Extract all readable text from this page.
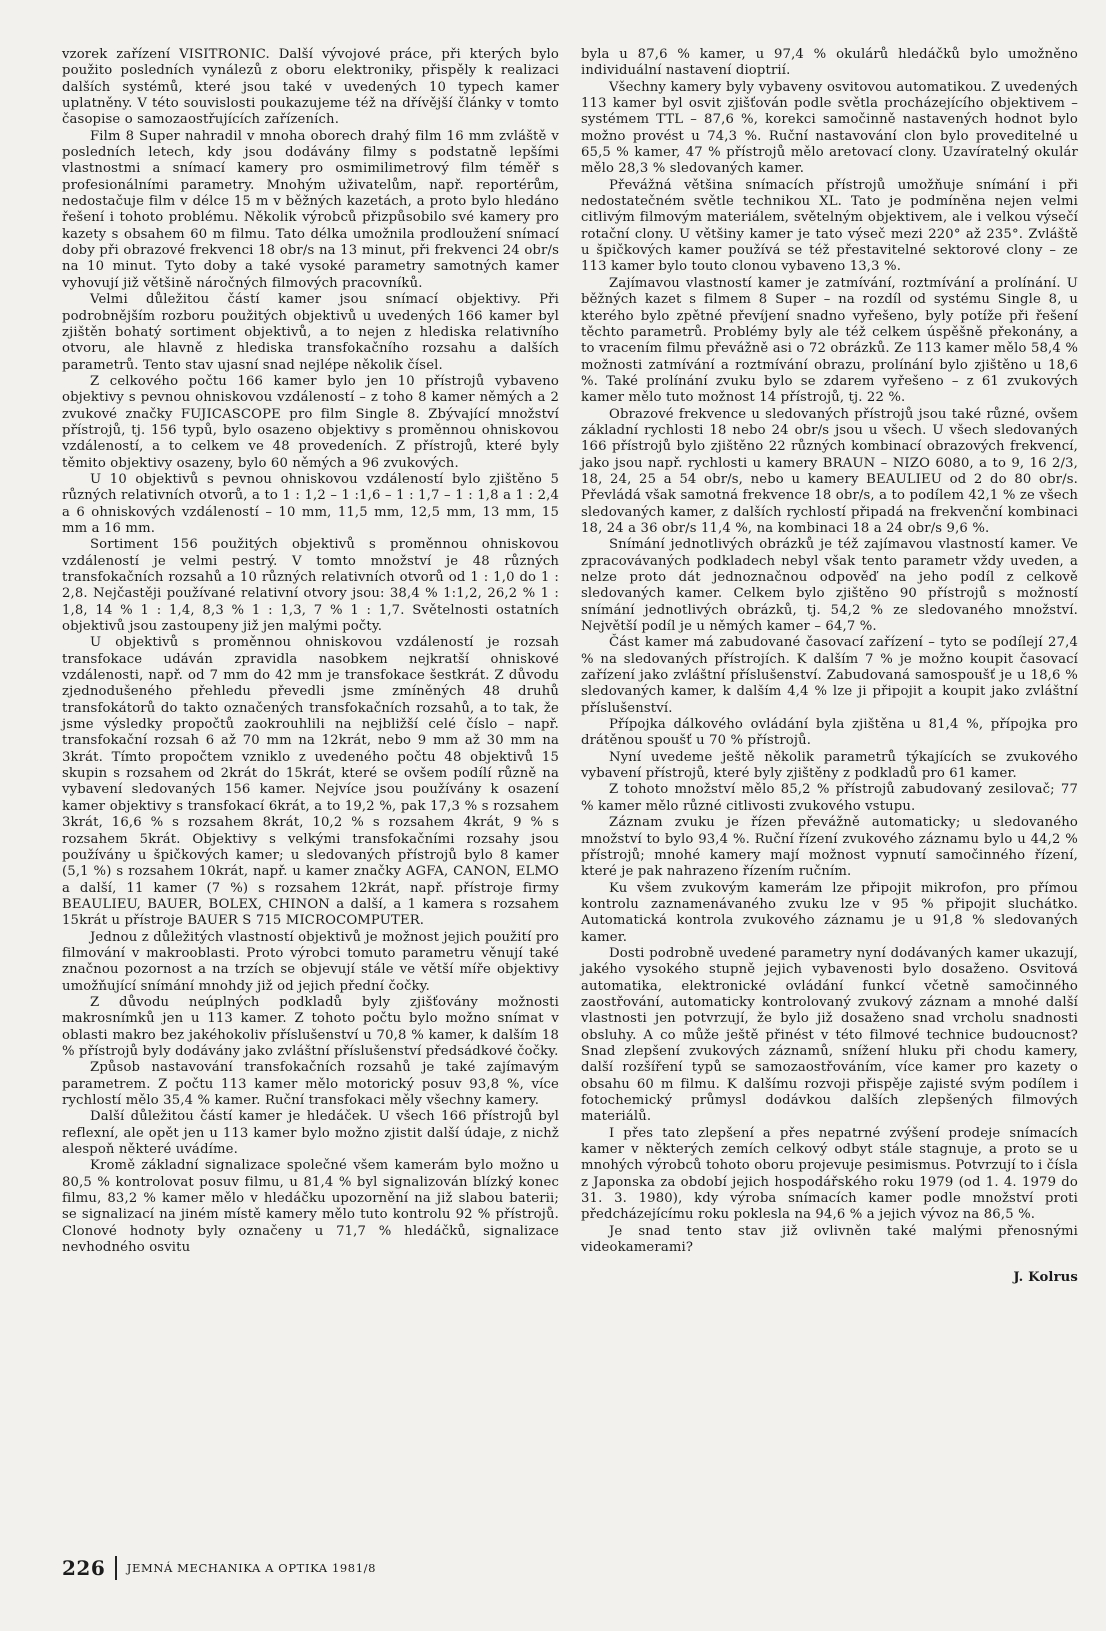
vzorek zařízení VISITRONIC. Další vývojové práce, při kterých bylo použito posledních vynálezů z oboru elektroniky, přispěly k realizaci dalších systémů, které jsou také v uvedených 10 typech kamer uplatněny. V této souvislosti poukazujeme též na dřívější články v tomto časopise o samozaostřujících zařízeních.

Film 8 Super nahradil v mnoha oborech drahý film 16 mm zvláště v posledních letech, kdy jsou dodávány filmy s podstatně lepšími vlastnostmi a snímací kamery pro osmimilimetrový film téměř s profesionálními parametry. Mnohým uživatelům, např. reportérům, nedostačuje film v délce 15 m v běžných kazetách, a proto bylo hledáno řešení i tohoto problému. Několik výrobců přizpůsobilo své kamery pro kazety s obsahem 60 m filmu. Tato délka umožnila prodloužení snímací doby při obrazové frekvenci 18 obr/s na 13 minut, při frekvenci 24 obr/s na 10 minut. Tyto doby a také vysoké parametry samotných kamer vyhovují již většině náročných filmových pracovníků.

Velmi důležitou částí kamer jsou snímací objektivy. Při podrobnějším rozboru použitých objektivů u uvedených 166 kamer byl zjištěn bohatý sortiment objektivů, a to nejen z hlediska relativního otvoru, ale hlavně z hlediska transfokačního rozsahu a dalších parametrů. Tento stav ujasní snad nejlépe několik čísel.

Z celkového počtu 166 kamer bylo jen 10 přístrojů vybaveno objektivy s pevnou ohniskovou vzdáleností – z toho 8 kamer němých a 2 zvukové značky FUJICASCOPE pro film Single 8. Zbývající množství přístrojů, tj. 156 typů, bylo osazeno objektivy s proměnnou ohniskovou vzdáleností, a to celkem ve 48 provedeních. Z přístrojů, které byly těmito objektivy osazeny, bylo 60 němých a 96 zvukových.

U 10 objektivů s pevnou ohniskovou vzdáleností bylo zjištěno 5 různých relativních otvorů, a to 1 : 1,2 – 1 :1,6 – 1 : 1,7 – 1 : 1,8 a 1 : 2,4 a 6 ohniskových vzdáleností – 10 mm, 11,5 mm, 12,5 mm, 13 mm, 15 mm a 16 mm.

Sortiment 156 použitých objektivů s proměnnou ohniskovou vzdáleností je velmi pestrý. V tomto množství je 48 různých transfokačních rozsahů a 10 různých relativních otvorů od 1 : 1,0 do 1 : 2,8. Nejčastěji používané relativní otvory jsou: 38,4 % 1:1,2, 26,2 % 1 : 1,8, 14 % 1 : 1,4, 8,3 % 1 : 1,3, 7 % 1 : 1,7. Světelnosti ostatních objektivů jsou zastoupeny již jen malými počty.

U objektivů s proměnnou ohniskovou vzdáleností je rozsah transfokace udáván zpravidla nasobkem nejkratší ohniskové vzdálenosti, např. od 7 mm do 42 mm je transfokace šestkrát. Z důvodu zjednodušeného přehledu převedli jsme zmíněných 48 druhů transfokátorů do takto označených transfokačních rozsahů, a to tak, že jsme výsledky propočtů zaokrouhlili na nejbližší celé číslo – např. transfokační rozsah 6 až 70 mm na 12krát, nebo 9 mm až 30 mm na 3krát. Tímto propočtem vzniklo z uvedeného počtu 48 objektivů 15 skupin s rozsahem od 2krát do 15krát, které se ovšem podílí různě na vybavení sledovaných 156 kamer. Nejvíce jsou používány k osazení kamer objektivy s transfokací 6krát, a to 19,2 %, pak 17,3 % s rozsahem 3krát, 16,6 % s rozsahem 8krát, 10,2 % s rozsahem 4krát, 9 % s rozsahem 5krát. Objektivy s velkými transfokačními rozsahy jsou používány u špičkových kamer; u sledovaných přístrojů bylo 8 kamer (5,1 %) s rozsahem 10krát, např. u kamer značky AGFA, CANON, ELMO a další, 11 kamer (7 %) s rozsahem 12krát, např. přístroje firmy BEAULIEU, BAUER, BOLEX, CHINON a další, a 1 kamera s rozsahem 15krát u přístroje BAUER S 715 MICROCOMPUTER.

Jednou z důležitých vlastností objektivů je možnost jejich použití pro filmování v makrooblasti. Proto výrobci tomuto parametru věnují také značnou pozornost a na trzích se objevují stále ve větší míře objektivy umožňující snímání mnohdy již od jejich přední čočky.

Z důvodu neúplných podkladů byly zjišťovány možnosti makrosnímků jen u 113 kamer. Z tohoto počtu bylo možno snímat v oblasti makro bez jakéhokoliv příslušenství u 70,8 % kamer, k dalším 18 % přístrojů byly dodávány jako zvláštní příslušenství předsádkové čočky.

Způsob nastavování transfokačních rozsahů je také zajímavým parametrem. Z počtu 113 kamer mělo motorický posuv 93,8 %, více rychlostí mělo 35,4 % kamer. Ruční transfokaci měly všechny kamery.

Další důležitou částí kamer je hledáček. U všech 166 přístrojů byl reflexní, ale opět jen u 113 kamer bylo možno zjistit další údaje, z nichž alespoň některé uvádíme.

Kromě základní signalizace společné všem kamerám bylo možno u 80,5 % kontrolovat posuv filmu, u 81,4 % byl signalizován blízký konec filmu, 83,2 % kamer mělo v hledáčku upozornění na již slabou baterii; se signalizací na jiném místě kamery mělo tuto kontrolu 92 % přístrojů. Clonové hodnoty byly označeny u 71,7 % hledáčků, signalizace nevhodného osvitu

byla u 87,6 % kamer, u 97,4 % okulárů hledáčků bylo umožněno individuální nastavení dioptrií.

Všechny kamery byly vybaveny osvitovou automatikou. Z uvedených 113 kamer byl osvit zjišťován podle světla procházejícího objektivem – systémem TTL – 87,6 %, korekci samočinně nastavených hodnot bylo možno provést u 74,3 %. Ruční nastavování clon bylo proveditelné u 65,5 % kamer, 47 % přístrojů mělo aretovací clony. Uzavíratelný okulár mělo 28,3 % sledovaných kamer.

Převážná většina snímacích přístrojů umožňuje snímání i při nedostatečném světle technikou XL. Tato je podmíněna nejen velmi citlivým filmovým materiálem, světelným objektivem, ale i velkou výsečí rotační clony. U většiny kamer je tato výseč mezi 220° až 235°. Zvláště u špičkových kamer používá se též přestavitelné sektorové clony – ze 113 kamer bylo touto clonou vybaveno 13,3 %.

Zajímavou vlastností kamer je zatmívání, roztmívání a prolínání. U běžných kazet s filmem 8 Super – na rozdíl od systému Single 8, u kterého bylo zpětné převíjení snadno vyřešeno, byly potíže při řešení těchto parametrů. Problémy byly ale též celkem úspěšně překonány, a to vracením filmu převážně asi o 72 obrázků. Ze 113 kamer mělo 58,4 % možnosti zatmívání a roztmívání obrazu, prolínání bylo zjištěno u 18,6 %. Také prolínání zvuku bylo se zdarem vyřešeno – z 61 zvukových kamer mělo tuto možnost 14 přístrojů, tj. 22 %.

Obrazové frekvence u sledovaných přístrojů jsou také různé, ovšem základní rychlosti 18 nebo 24 obr/s jsou u všech. U všech sledovaných 166 přístrojů bylo zjištěno 22 různých kombinací obrazových frekvencí, jako jsou např. rychlosti u kamery BRAUN – NIZO 6080, a to 9, 16 2/3, 18, 24, 25 a 54 obr/s, nebo u kamery BEAULIEU od 2 do 80 obr/s. Převládá však samotná frekvence 18 obr/s, a to podílem 42,1 % ze všech sledovaných kamer, z dalších rychlostí připadá na frekvenční kombinaci 18, 24 a 36 obr/s 11,4 %, na kombinaci 18 a 24 obr/s 9,6 %.

Snímání jednotlivých obrázků je též zajímavou vlastností kamer. Ve zpracovávaných podkladech nebyl však tento parametr vždy uveden, a nelze proto dát jednoznačnou odpověď na jeho podíl z celkově sledovaných kamer. Celkem bylo zjištěno 90 přístrojů s možností snímání jednotlivých obrázků, tj. 54,2 % ze sledovaného množství. Největší podíl je u němých kamer – 64,7 %.

Část kamer má zabudované časovací zařízení – tyto se podílejí 27,4 % na sledovaných přístrojích. K dalším 7 % je možno koupit časovací zařízení jako zvláštní příslušenství. Zabudovaná samospoušť je u 18,6 % sledovaných kamer, k dalším 4,4 % lze ji připojit a koupit jako zvláštní příslušenství.

Přípojka dálkového ovládání byla zjištěna u 81,4 %, přípojka pro drátěnou spoušť u 70 % přístrojů.

Nyní uvedeme ještě několik parametrů týkajících se zvukového vybavení přístrojů, které byly zjištěny z podkladů pro 61 kamer.

Z tohoto množství mělo 85,2 % přístrojů zabudovaný zesilovač; 77 % kamer mělo různé citlivosti zvukového vstupu.

Záznam zvuku je řízen převážně automaticky; u sledovaného množství to bylo 93,4 %. Ruční řízení zvukového záznamu bylo u 44,2 % přístrojů; mnohé kamery mají možnost vypnutí samočinného řízení, které je pak nahrazeno řízením ručním.

Ku všem zvukovým kamerám lze připojit mikrofon, pro přímou kontrolu zaznamenávaného zvuku lze v 95 % připojit sluchátko. Automatická kontrola zvukového záznamu je u 91,8 % sledovaných kamer.

Dosti podrobně uvedené parametry nyní dodávaných kamer ukazují, jakého vysokého stupně jejich vybavenosti bylo dosaženo. Osvitová automatika, elektronické ovládání funkcí včetně samočinného zaostřování, automaticky kontrolovaný zvukový záznam a mnohé další vlastnosti jen potvrzují, že bylo již dosaženo snad vrcholu snadnosti obsluhy. A co může ještě přinést v této filmové technice budoucnost? Snad zlepšení zvukových záznamů, snížení hluku při chodu kamery, další rozšíření typů se samozaostřováním, více kamer pro kazety o obsahu 60 m filmu. K dalšímu rozvoji přispěje zajisté svým podílem i fotochemický průmysl dodávkou dalších zlepšených filmových materiálů.

I přes tato zlepšení a přes nepatrné zvýšení prodeje snímacích kamer v některých zemích celkový odbyt stále stagnuje, a proto se u mnohých výrobců tohoto oboru projevuje pesimismus. Potvrzují to i čísla z Japonska za období jejich hospodářského roku 1979 (od 1. 4. 1979 do 31. 3. 1980), kdy výroba snímacích kamer podle množství proti předcházejícímu roku poklesla na 94,6 % a jejich vývoz na 86,5 %.

Je snad tento stav již ovlivněn také malými přenosnými videokamerami?

J. Kolrus

226 JEMNÁ MECHANIKA A OPTIKA 1981/8
